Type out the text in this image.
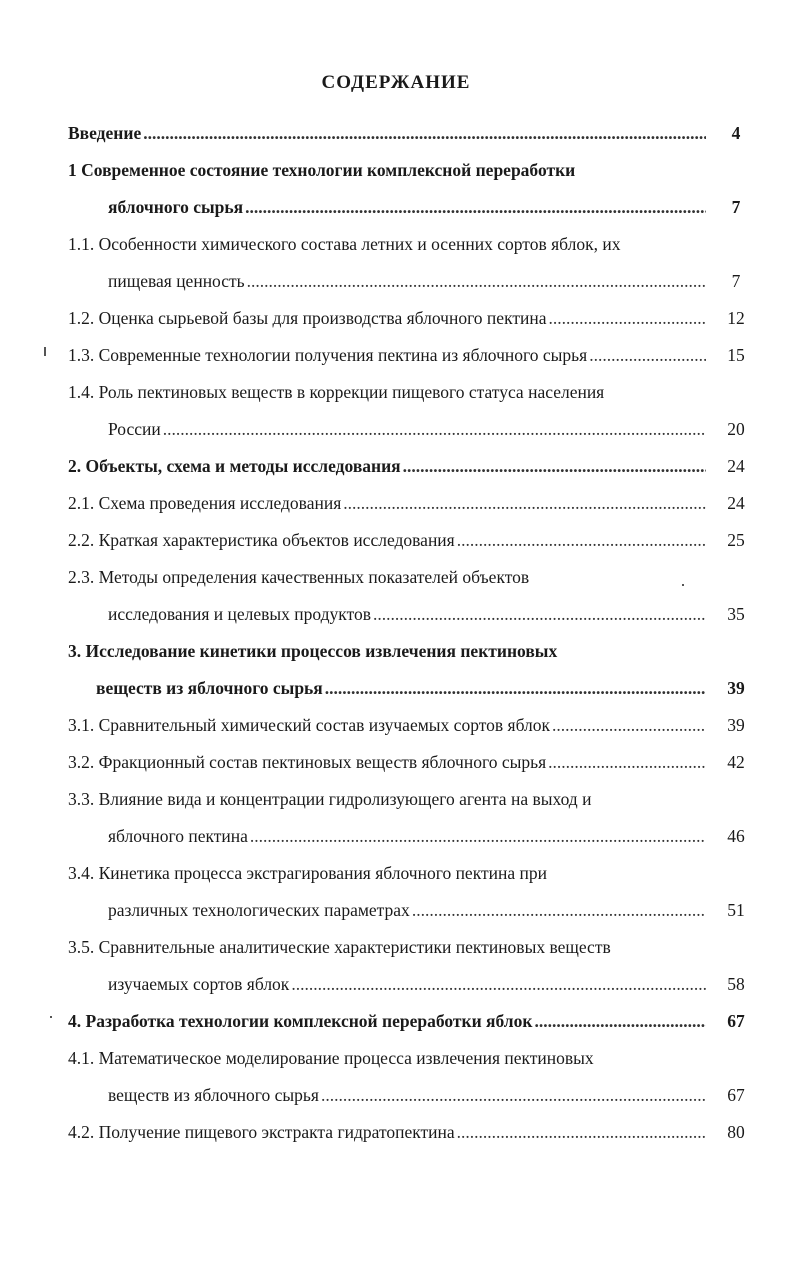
СОДЕРЖАНИЕ
Введение .....	4
1 Современное состояние технологии комплексной переработки
яблочного сырья .....	7
1.1. Особенности химического состава летних и осенних сортов яблок, их
пищевая ценность .....	7
1.2. Оценка сырьевой базы для производства яблочного пектина .....	12
1.3. Современные технологии получения пектина из яблочного сырья .....	15
1.4. Роль пектиновых веществ в коррекции пищевого статуса населения
России .....	20
2. Объекты, схема и методы исследования .....	24
2.1. Схема проведения исследования .....	24
2.2. Краткая характеристика объектов исследования .....	25
2.3. Методы определения качественных показателей объектов
исследования и целевых продуктов .....	35
3. Исследование кинетики процессов извлечения пектиновых
веществ из яблочного сырья .....	39
3.1. Сравнительный химический состав изучаемых сортов яблок .....	39
3.2. Фракционный состав пектиновых веществ яблочного сырья .....	42
3.3. Влияние вида и концентрации гидролизующего агента на выход и
яблочного пектина .....	46
3.4. Кинетика процесса экстрагирования яблочного пектина при
различных технологических параметрах .....	51
3.5. Сравнительные аналитические характеристики пектиновых веществ
изучаемых сортов яблок .....	58
4. Разработка технологии комплексной переработки яблок .....	67
4.1. Математическое моделирование процесса извлечения пектиновых
веществ из яблочного сырья .....	67
4.2. Получение пищевого экстракта гидратопектина .....	80
